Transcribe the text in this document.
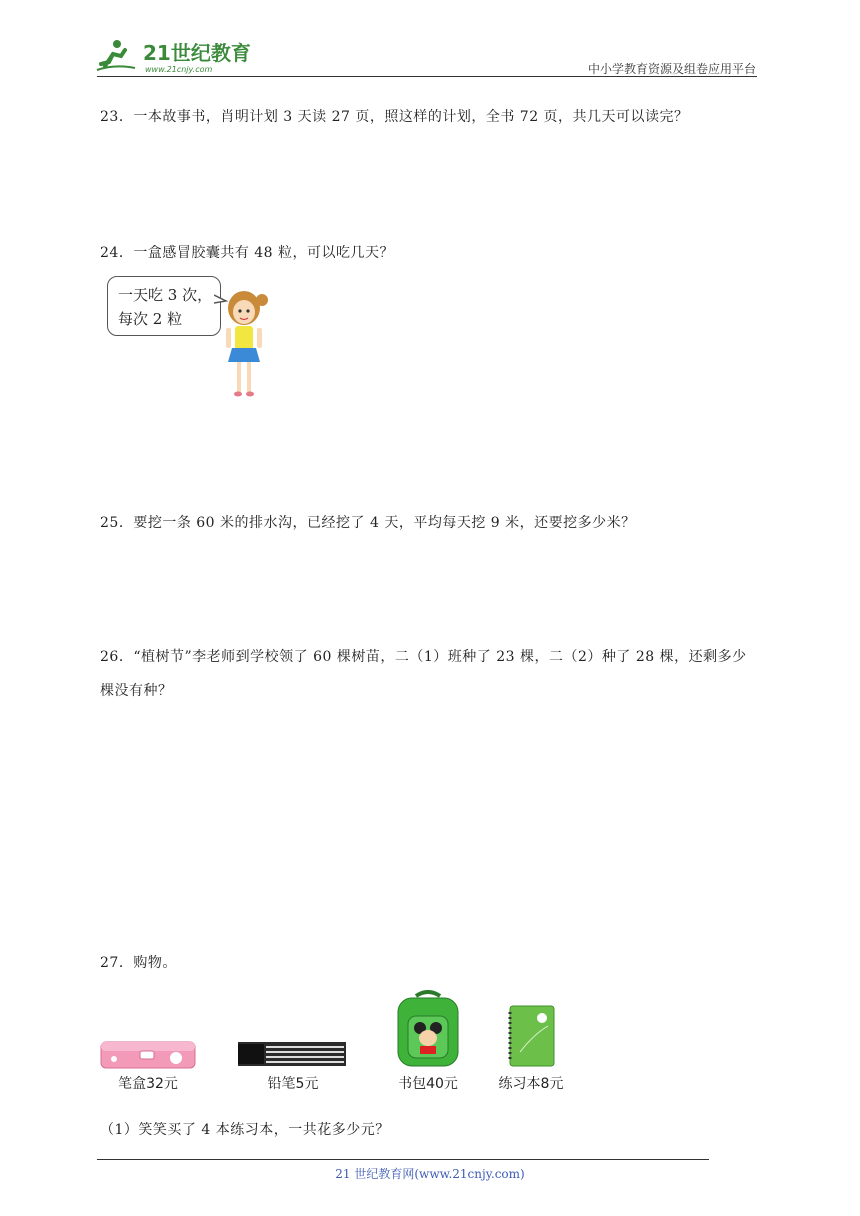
21世纪教育
www.21cnjy.com	中小学教育资源及组卷应用平台
23．一本故事书，肖明计划 3 天读 27 页，照这样的计划，全书 72 页，共几天可以读完？
24．一盒感冒胶囊共有 48 粒，可以吃几天？
一天吃 3 次，
每次 2 粒
25．要挖一条 60 米的排水沟，已经挖了 4 天，平均每天挖 9 米，还要挖多少米？
26．“植树节”李老师到学校领了 60 棵树苗，二（1）班种了 23 棵，二（2）种了 28 棵，还剩多少棵没有种？
27．购物。
笔盒32元	铅笔5元	书包40元	练习本8元
（1）笑笑买了 4 本练习本，一共花多少元？
21 世纪教育网(www.21cnjy.com)
